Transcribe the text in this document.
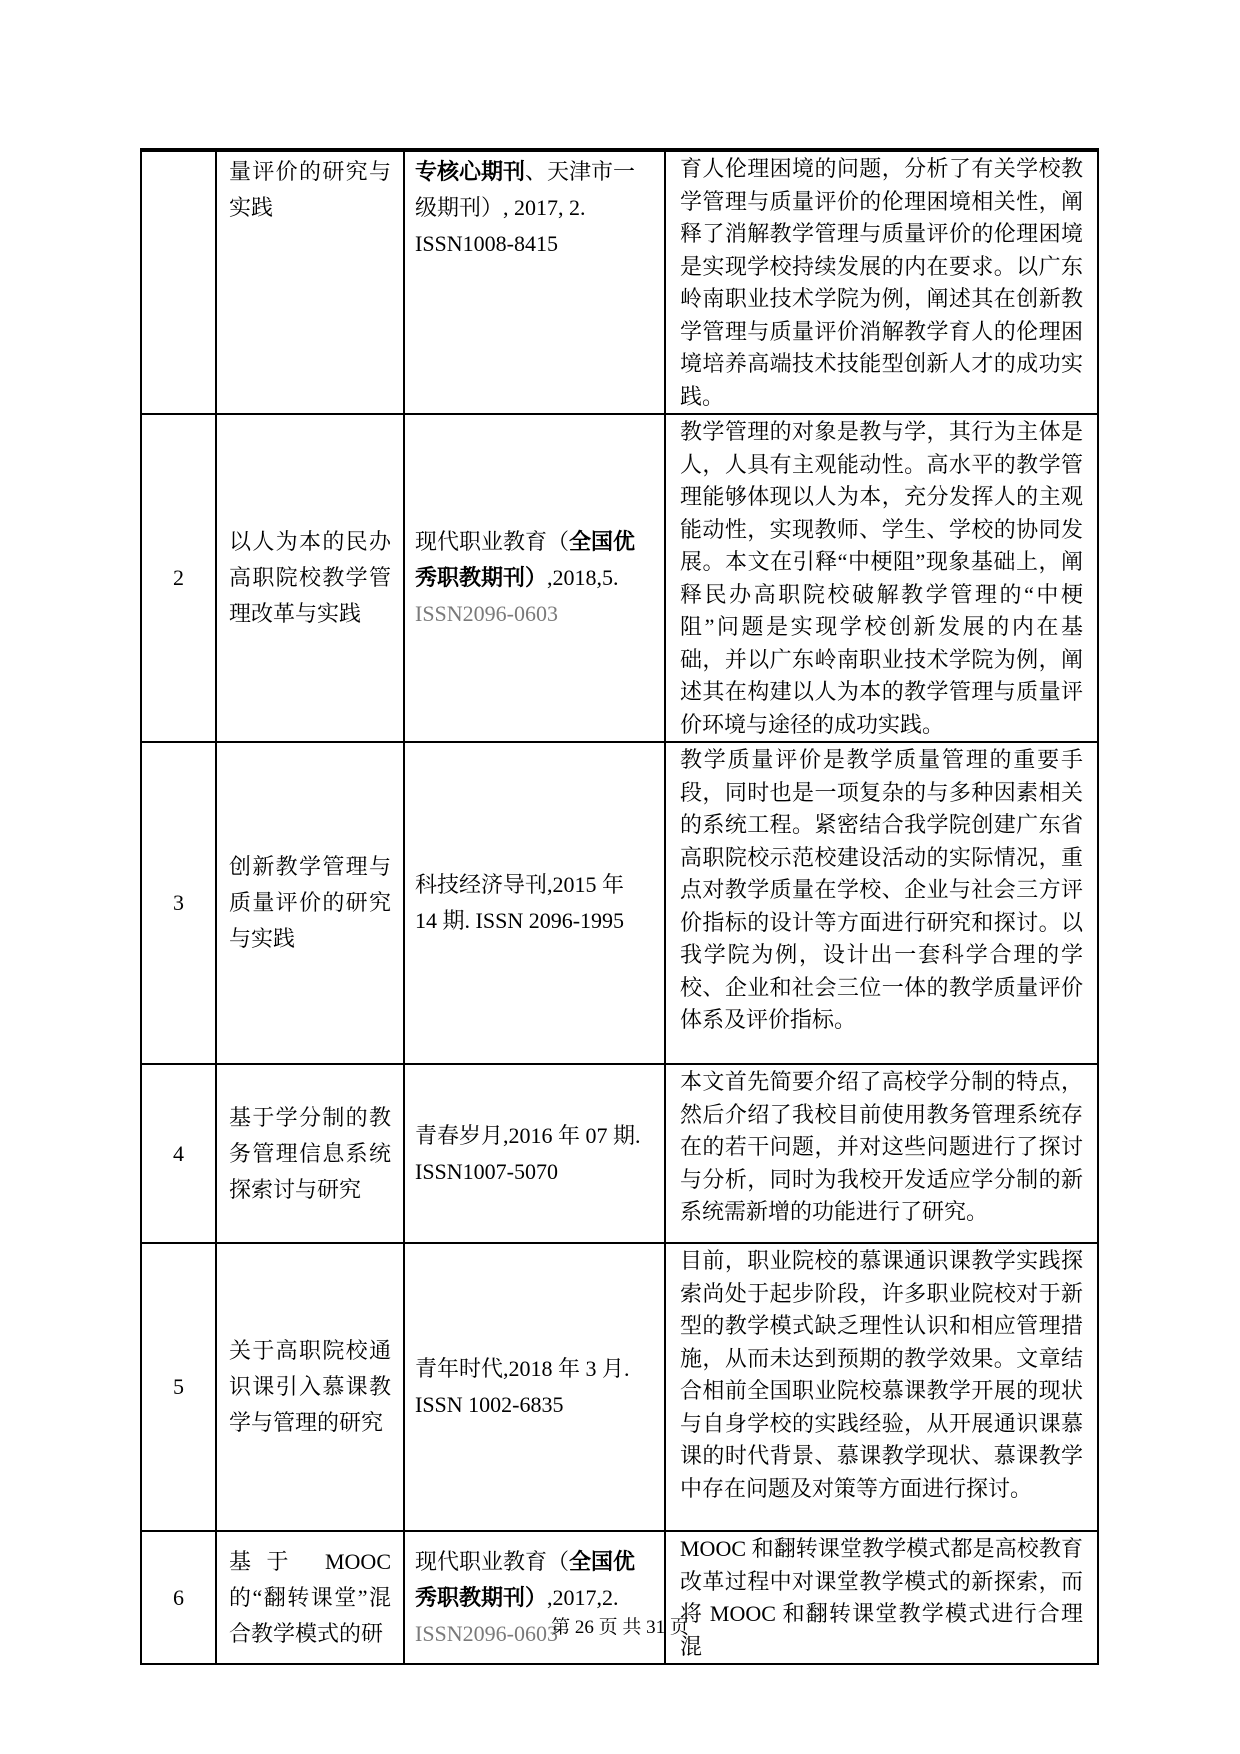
	量评价的研究与实践	专核心期刊、天津市一级期刊）, 2017, 2. ISSN1008-8415	育人伦理困境的问题，分析了有关学校教学管理与质量评价的伦理困境相关性，阐释了消解教学管理与质量评价的伦理困境是实现学校持续发展的内在要求。以广东岭南职业技术学院为例，阐述其在创新教学管理与质量评价消解教学育人的伦理困境培养高端技术技能型创新人才的成功实践。
2	以人为本的民办高职院校教学管理改革与实践	现代职业教育（全国优秀职教期刊）,2018,5. ISSN2096-0603	教学管理的对象是教与学，其行为主体是人，人具有主观能动性。高水平的教学管理能够体现以人为本，充分发挥人的主观能动性，实现教师、学生、学校的协同发展。本文在引释“中梗阻”现象基础上，阐释民办高职院校破解教学管理的“中梗阻”问题是实现学校创新发展的内在基础，并以广东岭南职业技术学院为例，阐述其在构建以人为本的教学管理与质量评价环境与途径的成功实践。
3	创新教学管理与质量评价的研究与实践	科技经济导刊,2015 年 14 期. ISSN 2096-1995	教学质量评价是教学质量管理的重要手段，同时也是一项复杂的与多种因素相关的系统工程。紧密结合我学院创建广东省高职院校示范校建设活动的实际情况，重点对教学质量在学校、企业与社会三方评价指标的设计等方面进行研究和探讨。以我学院为例，设计出一套科学合理的学校、企业和社会三位一体的教学质量评价体系及评价指标。
4	基于学分制的教务管理信息系统探索讨与研究	青春岁月,2016 年 07 期. ISSN1007-5070	本文首先简要介绍了高校学分制的特点，然后介绍了我校目前使用教务管理系统存在的若干问题，并对这些问题进行了探讨与分析，同时为我校开发适应学分制的新系统需新增的功能进行了研究。
5	关于高职院校通识课引入慕课教学与管理的研究	青年时代,2018 年 3 月. ISSN 1002-6835	目前，职业院校的慕课通识课教学实践探索尚处于起步阶段，许多职业院校对于新型的教学模式缺乏理性认识和相应管理措施，从而未达到预期的教学效果。文章结合相前全国职业院校慕课教学开展的现状与自身学校的实践经验，从开展通识课慕课的时代背景、慕课教学现状、慕课教学中存在问题及对策等方面进行探讨。
6	基于 MOOC 的“翻转课堂”混合教学模式的研	现代职业教育（全国优秀职教期刊）,2017,2. ISSN2096-0603	MOOC 和翻转课堂教学模式都是高校教育改革过程中对课堂教学模式的新探索，而将 MOOC 和翻转课堂教学模式进行合理混
第 26 页 共 31 页
